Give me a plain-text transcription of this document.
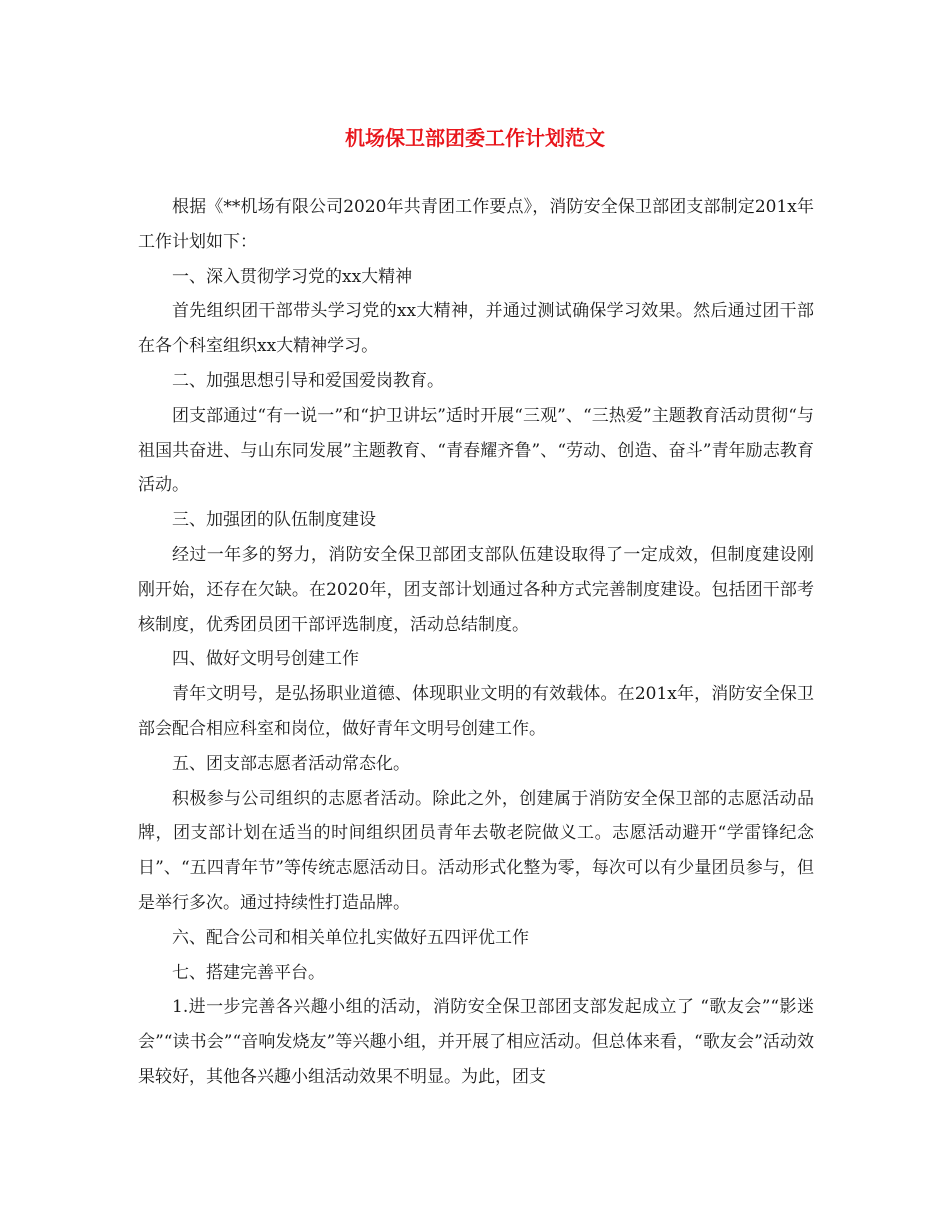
机场保卫部团委工作计划范文

根据《**机场有限公司2020年共青团工作要点》，消防安全保卫部团支部制定201x年工作计划如下：

一、深入贯彻学习党的xx大精神

首先组织团干部带头学习党的xx大精神，并通过测试确保学习效果。然后通过团干部在各个科室组织xx大精神学习。

二、加强思想引导和爱国爱岗教育。

团支部通过“有一说一”和“护卫讲坛”适时开展“三观”、“三热爱”主题教育活动贯彻“与祖国共奋进、与山东同发展”主题教育、“青春耀齐鲁”、“劳动、创造、奋斗”青年励志教育活动。

三、加强团的队伍制度建设

经过一年多的努力，消防安全保卫部团支部队伍建设取得了一定成效，但制度建设刚刚开始，还存在欠缺。在2020年，团支部计划通过各种方式完善制度建设。包括团干部考核制度，优秀团员团干部评选制度，活动总结制度。

四、做好文明号创建工作

青年文明号，是弘扬职业道德、体现职业文明的有效载体。在201x年，消防安全保卫部会配合相应科室和岗位，做好青年文明号创建工作。

五、团支部志愿者活动常态化。

积极参与公司组织的志愿者活动。除此之外，创建属于消防安全保卫部的志愿活动品牌，团支部计划在适当的时间组织团员青年去敬老院做义工。志愿活动避开“学雷锋纪念日”、“五四青年节”等传统志愿活动日。活动形式化整为零，每次可以有少量团员参与，但是举行多次。通过持续性打造品牌。

六、配合公司和相关单位扎实做好五四评优工作

七、搭建完善平台。

1.进一步完善各兴趣小组的活动，消防安全保卫部团支部发起成立了 “歌友会”“影迷会”“读书会”“音响发烧友”等兴趣小组，并开展了相应活动。但总体来看，“歌友会”活动效果较好，其他各兴趣小组活动效果不明显。为此，团支
